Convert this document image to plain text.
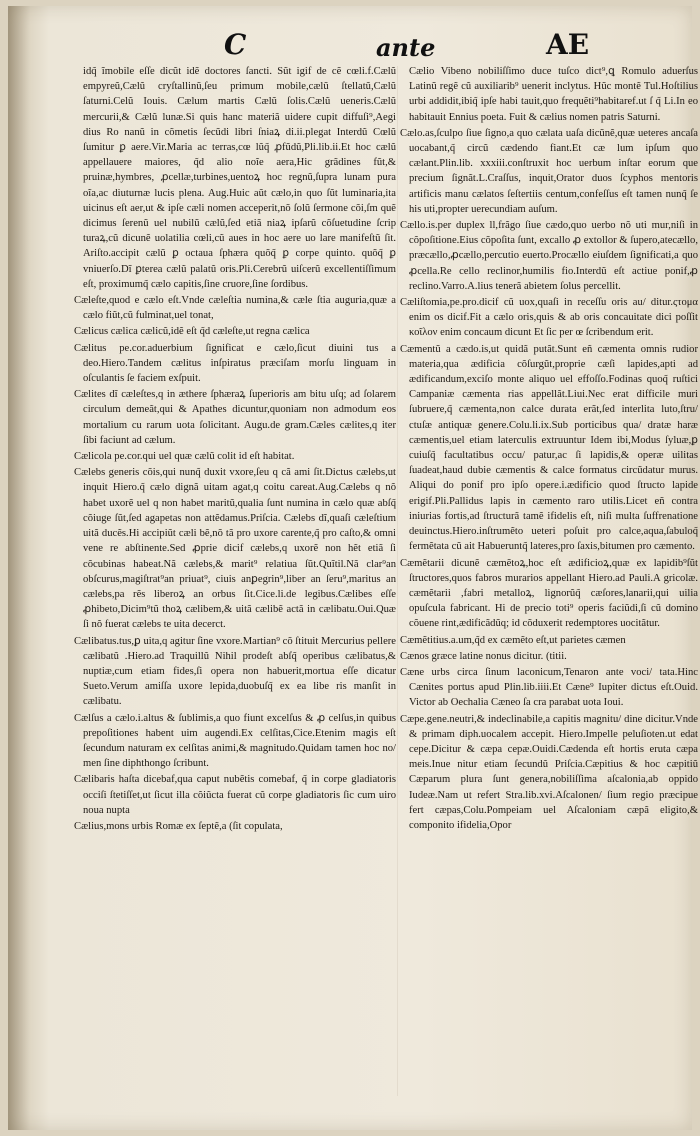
C	ante	AE

idq̃ ĩmobile eſſe dicũt idẽ doctores ſancti. Sũt igif de cẽ cœli.f.Cælũ empyreũ,Cælũ cryſtallinũ,ſeu primum mobile,cælũ ſtellatũ,Cælũ ſaturni.Celũ Iouis. Cælum martis Cælũ ſolis.Cælũ ueneris.Cælũ mercurii,& Cælũ lunæ.Si quis hanc materiã uidere cupit diffuſi⁹,Aegi dius Ro nanũ in cõmetis ſecũdi libri ſniaꝝ di.ii.plegat Interdũ Cœlũ ſumitur ꝑ aere.Vir.Maria ac terras,cœ lũq̃ ꝓfũdũ,Pli.lib.ii.Et hoc cælũ appellauere maiores, q̃d alio noĩe aera,Hic grãdines fũt,& pruinæ,hymbres, ꝓcellæ,turbines,uentoꝝ hoc regnũ,ſupra lunam pura oĩa,ac diuturnæ lucis plena. Aug.Huic aũt cælo,in quo ſũt luminaria,ita uicinus eſt aer,ut & ipſe cæli nomen acceperit,nõ ſolũ ſermone cõi,ſm quẽ dicimus ſerenũ uel nubilũ cælũ,ſed etiã niaꝝ ipſarũ cõſuetudine ſcrip turaꝝ,cũ dicunẽ uolatilia cœli,cũ aues in hoc aere uo lare manifeſtũ ſit. Ariſto.accipit cælũ ꝑ octaua ſphæra quõq̃ ꝑ corpe quinto. quõq̃ ꝑ vniuerſo.Dĩ ꝑterea cælũ palatũ oris.Pli.Cerebrũ uiſcerũ excellentiſſimum eſt, proximumq̃ cælo capitis,ſine cruore,ſine ſordibus.

Cæleſte,quod e cælo eſt.Vnde cæleſtia numina,& cæle ſtia auguria,quæ a cælo fiũt,cũ fulminat,uel tonat,

Cælicus cælica cælicũ,idẽ eſt q̃d cæleſte,ut regna cælica

Cælitus pe.cor.aduerbium ſignificat e cælo,ſicut diuini tus a deo.Hiero.Tandem cælitus inſpiratus præciſam morſu linguam in oſculantis ſe faciem exſpuit.

Cælites dĩ cæleſtes,q in æthere ſphæraꝝ ſuperioris am bitu uſq; ad ſolarem circulum demeãt,qui & Apathes dicuntur,quoniam non admodum eos mortalium cu rarum uota ſolicitant. Augu.de gram.Cæles cælites,q iter ſibi faciunt ad cælum.

Cælicola pe.cor.qui uel quæ cælũ colit id eſt habitat.

Cælebs generis cõis,qui nunq̃ duxit vxore,ſeu q cã ami ſit.Dictus cælebs,ut inquit Hiero.q̃ cælo dignã uitam agat,q coitu careat.Aug.Cælebs q nõ habet uxorẽ uel q non habet maritũ,qualia ſunt numina in cælo quæ abſq̃ cõiuge ſũt,ſed agapetas non attẽdamus.Priſcia. Cælebs dĩ,quaſi cæleſtium uitã ducẽs.Hi accipiũt cæli bẽ,nõ tã pro uxore carente,q̃ pro caſto,& omni vene re abſtinente.Sed ꝓprie dicif cælebs,q uxorẽ non hẽt etiã ſi cõcubinas habeat.Nã cælebs,& marit⁹ relatiua ſũt.Quĩtil.Nã clar⁹an obſcurus,magiſtrat⁹an priuat⁹, ciuis anꝑegrin⁹,liber an ſeru⁹,maritus an cælebs,pa rẽs liberoꝝ an orbus ſit.Cice.li.de legibus.Cælibes eſſe ꝓhibeto,Dicim⁹tũ thoꝝ cælibem,& uitã cælibẽ actã in cælibatu.Oui.Quæ ſi nõ fuerat cælebs te uita decerct.

Cælibatus.tus,ꝑ uita,q agitur ſine vxore.Martian⁹ cõ ſtituit Mercurius pellere cælibatũ .Hiero.ad Traquillũ Nihil prodeſt abſq̃ operibus cælibatus,& nuptiæ,cum etiam fides,ſi opera non habuerit,mortua eſſe dicatur Sueto.Verum amiſſa uxore lepida,duobuſq̃ ex ea libe ris manſit in cælibatu.

Cælſus a cælo.i.altus & ſublimis,a quo fiunt excelſus & ꝓ celſus,in quibus prepoſitiones habent uim augendi.Ex celſitas,Cice.Etenim magis eſt ſecundum naturam ex celſitas animi,& magnitudo.Quidam tamen hoc no/ men ſine diphthongo ſcribunt.

Cælibaris haſta dicebaf,qua caput nubẽtis comebaf, q̃ in corpe gladiatoris occiſi ſtetiſſet,ut ſicut illa cõiũcta fuerat cũ corpe gladiatoris ſic cum uiro noua nupta

Cælius,mons urbis Romæ ex ſeptẽ,a (ſit copulata,

Cælio Vibeno nobiliſſimo duce tuſco dict⁹,ꝗ Romulo aduerſus Latinũ regẽ cũ auxiliarib⁹ uenerit inclytus. Hũc montẽ Tul.Hoſtilius urbi addidit,ibiq̃ ipſe habi tauit,quo frequẽti⁹habitaref.ut ſ q̃ Li.In eo habitauit Ennius poeta. Fuit & cælius nomen patris Saturni.

Cælo.as,ſculpo ſiue ſigno,a quo cælata uaſa dicũnẽ,quæ ueteres ancaſa uocabant,q̃ circũ cædendo fiant.Et cæ lum ipſum quo cælant.Plin.lib. xxxiii.conſtruxit hoc uerbum inſtar eorum que precium ſignãt.L.Craſſus, inquit,Orator duos ſcyphos mentoris artificis manu cælatos ſeſtertiis centum,confeſſus eſt tamen nunq̃ ſe his uti,propter uerecundiam auſum.

Cællo.is.per duplex ll,frãgo ſiue cædo,quo uerbo nõ uti mur,niſi in cõpoſitione.Eius cõpoſita ſunt, excallo ꝓ extollor & ſupero,atecællo, præcællo,ꝓcællo,percutio euerto.Procællo eiuſdem ſignificati,a quo ꝓcella.Re cello reclinor,humilis fio.Interdũ eſt actiue ponif,ꝓ reclino.Varro.A.lius tenerã abietem ſolus percellit.

Cæliſtomia,pe.pro.dicif cũ uox,quaſi in receſſu oris au/ ditur.ςτομα enim os dicif.Fit a cælo oris,quis & ab oris concauitate dici poſſit κοῖλον enim concaum dicunt Et ſic per œ ſcribendum erit.

Cæmentũ a cædo.is,ut quidã putãt.Sunt eñ cæmenta omnis rudior materia,qua ædificia cõſurgũt,proprie cæſi lapides,apti ad ædificandum,exciſo monte aliquo uel effoſſo.Fodinas quoq̃ ruſtici Campaniæ cæmenta rias appellãt.Liui.Nec erat difficile muri ſubruere,q̃ cæmenta,non calce durata erãt,ſed interlita luto,ſtru/ ctuſæ antiquæ genere.Colu.li.ix.Sub porticibus qua/ dratæ haræ cæmentis,uel etiam laterculis extruuntur Idem ibi,Modus ſyluæ,ꝑ cuiuſq̃ facultatibus occu/ patur,ac ſi lapidis,& operæ uilitas ſuadeat,haud dubie cæmentis & calce formatus circũdatur murus. Aliqui do ponif pro ipſo opere.i.ædificio quod ſtructo lapide erigif.Pli.Pallidus lapis in cæmento raro utilis.Licet eñ contra iniurias fortis,ad ſtructurã tamẽ ifidelis eſt, niſi multa ſuffrenatione deuinctus.Hiero.inſtrumẽto ueteri poſuit pro calce,aqua,ſabuloq̃ fermẽtata cũ ait Habueruntq̃ lateres,pro ſaxis,bitumen pro cæmento.

Cæmẽtarii dicunẽ cæmẽtoꝝ,hoc eſt ædificioꝝ,quæ ex lapidib⁹ſũt ſtructores,quos fabros murarios appellant Hiero.ad Pauli.A gricolæ. cæmẽtarii ,fabri metalloꝝ, lignorũq̃ cæſores,lanarii,qui uilia opuſcula fabricant. Hi de precio toti⁹ operis faciũdi,ſi cũ domino cõuene rint,ædificãdũq; id cõduxerit redemptores uocitãtur.

Cæmẽtitius.a.um,q̃d ex cæmẽto eſt,ut parietes cæmen

Cænos græce latine nonus dicitur. (titii.

Cæne urbs circa ſinum laconicum,Tenaron ante voci/ tata.Hinc Cænites portus apud Plin.lib.iiii.Et Cæne⁹ Iupiter dictus eſt.Ouid. Victor ab Oechalia Cæneo ſa cra parabat uota Ioui.

Cæpe.gene.neutri,& indeclinabile,a capitis magnitu/ dine dicitur.Vnde & primam diph.uocalem accepit. Hiero.Impelle peluſioten.ut edat cepe.Dicitur & cæpa cepæ.Ouidi.Cædenda eſt hortis eruta cæpa meis.Inue nitur etiam ſecundũ Priſcia.Cæpitius & hoc cæpitiũ Cæparum plura ſunt genera,nobiliſſima aſcalonia,ab oppido Iudeæ.Nam ut refert Stra.lib.xvi.Aſcalonen/ ſium regio præcipue fert cæpas,Colu.Pompeiam uel Aſcaloniam cæpã eligito,& componito ifidelia,Opor
